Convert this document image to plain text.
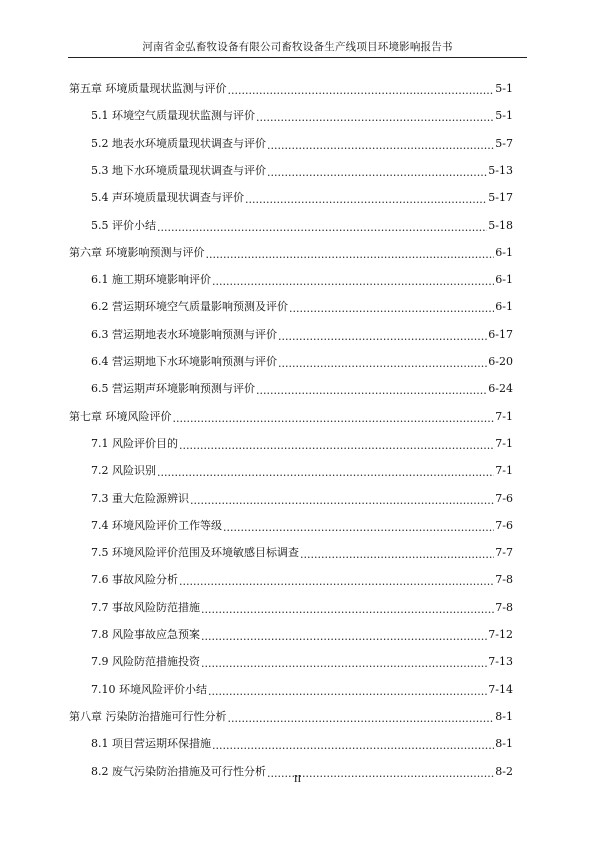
河南省金弘畜牧设备有限公司畜牧设备生产线项目环境影响报告书
第五章 环境质量现状监测与评价 .....	5-1
5.1 环境空气质量现状监测与评价 .....	5-1
5.2 地表水环境质量现状调查与评价 .....	5-7
5.3 地下水环境质量现状调查与评价 .....	5-13
5.4 声环境质量现状调查与评价 .....	5-17
5.5 评价小结 .....	5-18
第六章 环境影响预测与评价 .....	6-1
6.1 施工期环境影响评价 .....	6-1
6.2 营运期环境空气质量影响预测及评价 .....	6-1
6.3 营运期地表水环境影响预测与评价 .....	6-17
6.4 营运期地下水环境影响预测与评价 .....	6-20
6.5 营运期声环境影响预测与评价 .....	6-24
第七章 环境风险评价 .....	7-1
7.1 风险评价目的 .....	7-1
7.2 风险识别 .....	7-1
7.3 重大危险源辨识 .....	7-6
7.4 环境风险评价工作等级 .....	7-6
7.5 环境风险评价范围及环境敏感目标调查 .....	7-7
7.6 事故风险分析 .....	7-8
7.7 事故风险防范措施 .....	7-8
7.8 风险事故应急预案 .....	7-12
7.9 风险防范措施投资 .....	7-13
7.10 环境风险评价小结 .....	7-14
第八章 污染防治措施可行性分析 .....	8-1
8.1 项目营运期环保措施 .....	8-1
8.2 废气污染防治措施及可行性分析 .....	8-2
II
